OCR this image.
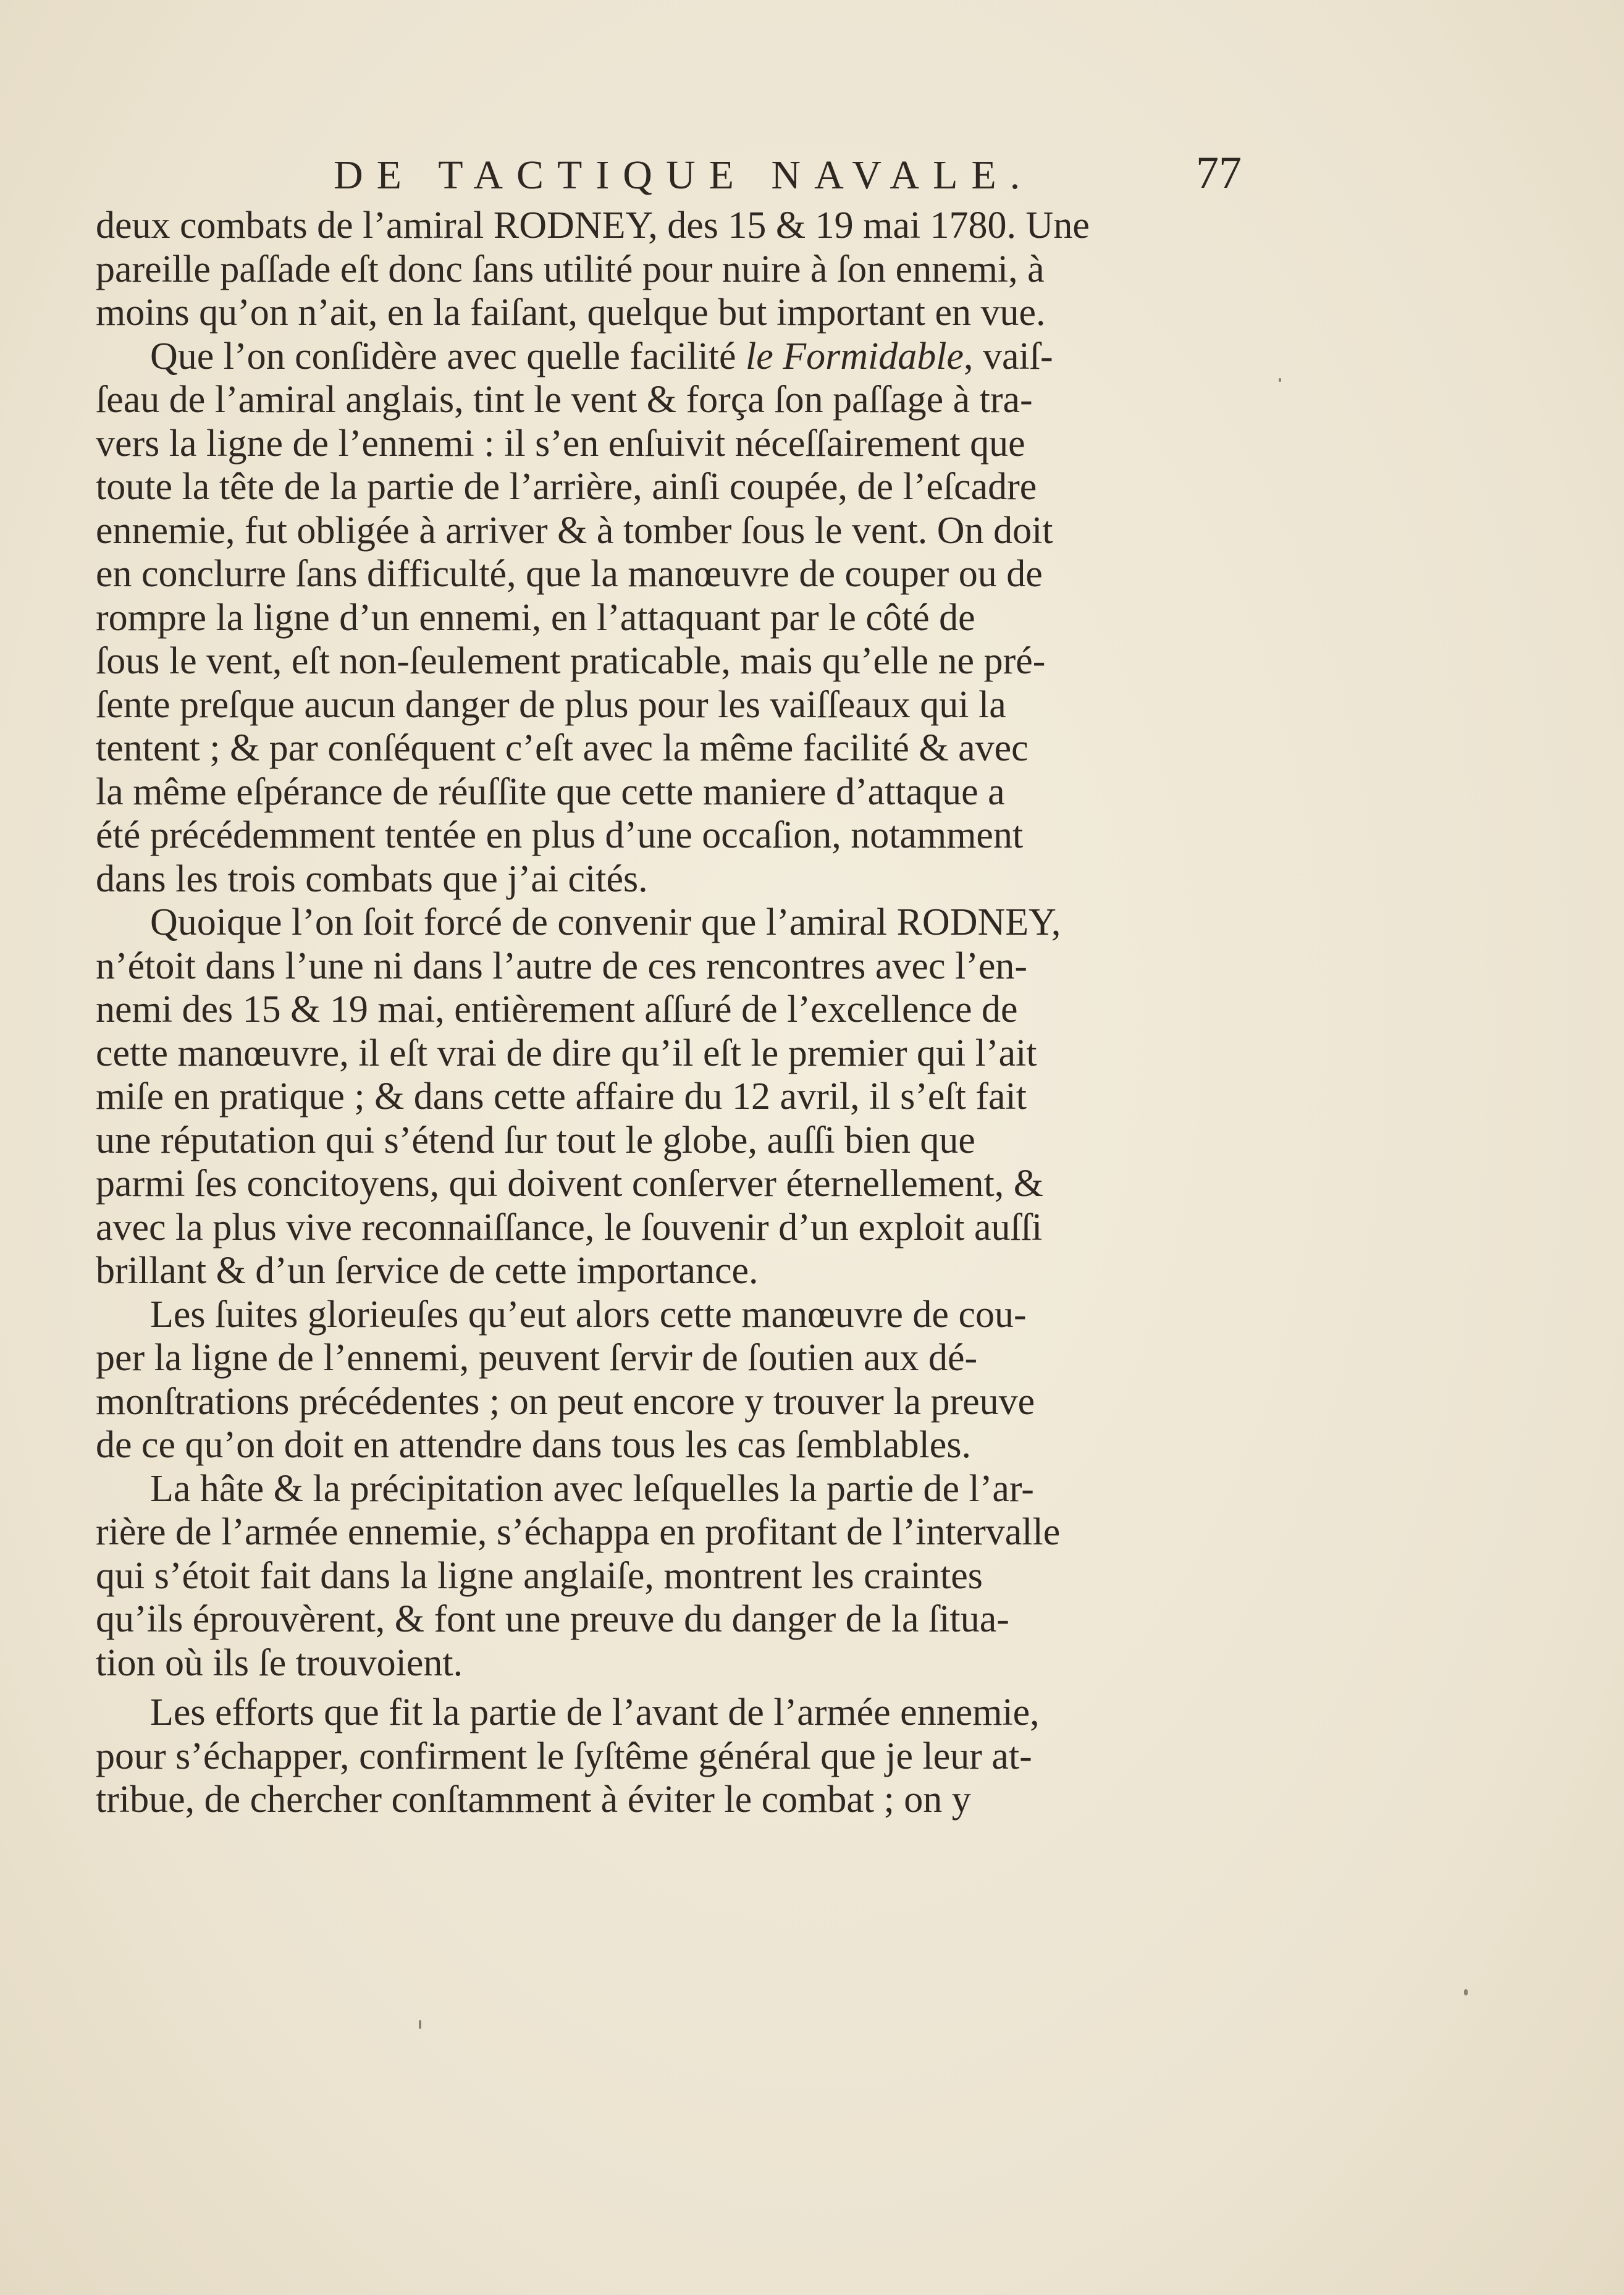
DE TACTIQUE NAVALE.	77
deux combats de l’amiral RODNEY, des 15 & 19 mai 1780. Une
pareille paſſade eſt donc ſans utilité pour nuire à ſon ennemi, à
moins qu’on n’ait, en la faiſant, quelque but important en vue.
Que l’on conſidère avec quelle facilité le Formidable, vaiſ-
ſeau de l’amiral anglais, tint le vent & força ſon paſſage à tra-
vers la ligne de l’ennemi : il s’en enſuivit néceſſairement que
toute la tête de la partie de l’arrière, ainſi coupée, de l’eſcadre
ennemie, fut obligée à arriver & à tomber ſous le vent. On doit
en conclurre ſans difficulté, que la manœuvre de couper ou de
rompre la ligne d’un ennemi, en l’attaquant par le côté de
ſous le vent, eſt non-ſeulement praticable, mais qu’elle ne pré-
ſente preſque aucun danger de plus pour les vaiſſeaux qui la
tentent ; & par conſéquent c’eſt avec la même facilité & avec
la même eſpérance de réuſſite que cette maniere d’attaque a
été précédemment tentée en plus d’une occaſion, notamment
dans les trois combats que j’ai cités.
Quoique l’on ſoit forcé de convenir que l’amiral RODNEY,
n’étoit dans l’une ni dans l’autre de ces rencontres avec l’en-
nemi des 15 & 19 mai, entièrement aſſuré de l’excellence de
cette manœuvre, il eſt vrai de dire qu’il eſt le premier qui l’ait
miſe en pratique ; & dans cette affaire du 12 avril, il s’eſt fait
une réputation qui s’étend ſur tout le globe, auſſi bien que
parmi ſes concitoyens, qui doivent conſerver éternellement, &
avec la plus vive reconnaiſſance, le ſouvenir d’un exploit auſſi
brillant & d’un ſervice de cette importance.
Les ſuites glorieuſes qu’eut alors cette manœuvre de cou-
per la ligne de l’ennemi, peuvent ſervir de ſoutien aux dé-
monſtrations précédentes ; on peut encore y trouver la preuve
de ce qu’on doit en attendre dans tous les cas ſemblables.
La hâte & la précipitation avec leſquelles la partie de l’ar-
rière de l’armée ennemie, s’échappa en profitant de l’intervalle
qui s’étoit fait dans la ligne anglaiſe, montrent les craintes
qu’ils éprouvèrent, & font une preuve du danger de la ſitua-
tion où ils ſe trouvoient.
Les efforts que fit la partie de l’avant de l’armée ennemie,
pour s’échapper, confirment le ſyſtême général que je leur at-
tribue, de chercher conſtamment à éviter le combat ; on y
